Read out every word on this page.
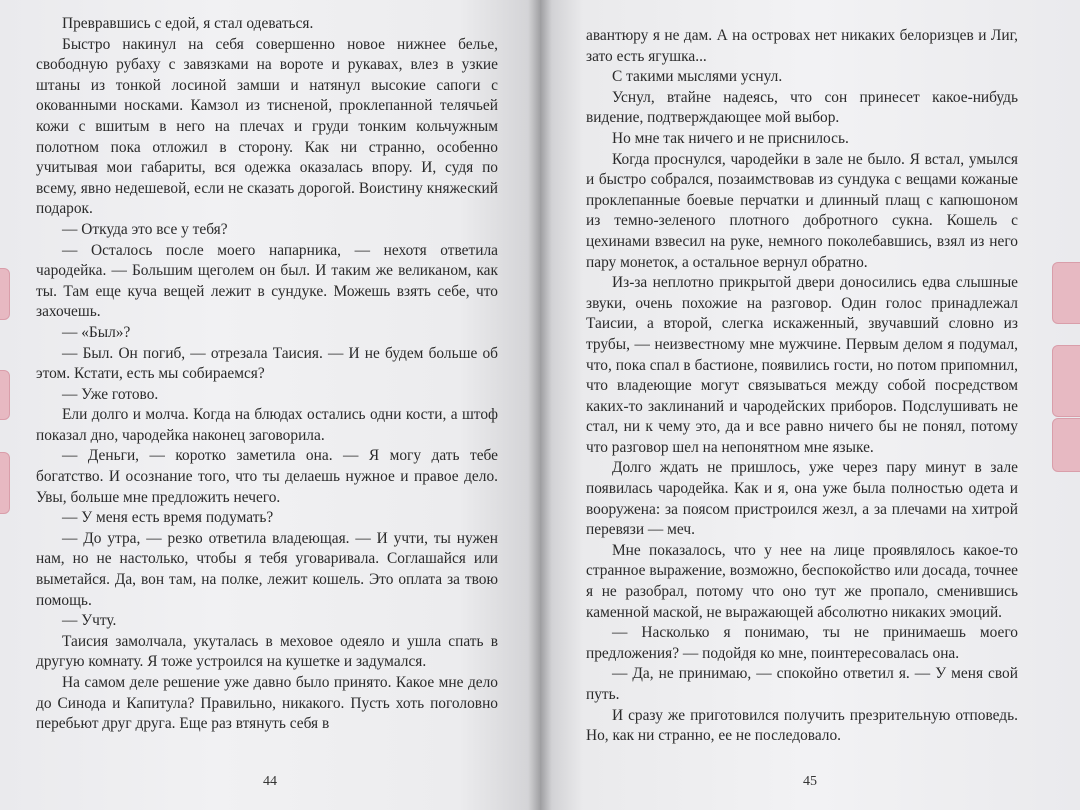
Превравшись с едой, я стал одеваться.

Быстро накинул на себя совершенно новое нижнее белье, свободную рубаху с завязками на вороте и рукавах, влез в узкие штаны из тонкой лосиной замши и натянул высокие сапоги с окованными носками. Камзол из тисненой, проклепанной телячьей кожи с вшитым в него на плечах и груди тонким кольчужным полотном пока отложил в сторону. Как ни странно, особенно учитывая мои габариты, вся одежка оказалась впору. И, судя по всему, явно недешевой, если не сказать дорогой. Воистину княжеский подарок.

— Откуда это все у тебя?

— Осталось после моего напарника, — нехотя ответила чародейка. — Большим щеголем он был. И таким же великаном, как ты. Там еще куча вещей лежит в сундуке. Можешь взять себе, что захочешь.

— «Был»?

— Был. Он погиб, — отрезала Таисия. — И не будем больше об этом. Кстати, есть мы собираемся?

— Уже готово.

Ели долго и молча. Когда на блюдах остались одни кости, а штоф показал дно, чародейка наконец заговорила.

— Деньги, — коротко заметила она. — Я могу дать тебе богатство. И осознание того, что ты делаешь нужное и правое дело. Увы, больше мне предложить нечего.

— У меня есть время подумать?

— До утра, — резко ответила владеющая. — И учти, ты нужен нам, но не настолько, чтобы я тебя уговаривала. Соглашайся или выметайся. Да, вон там, на полке, лежит кошель. Это оплата за твою помощь.

— Учту.

Таисия замолчала, укуталась в меховое одеяло и ушла спать в другую комнату. Я тоже устроился на кушетке и задумался.

На самом деле решение уже давно было принято. Какое мне дело до Синода и Капитула? Правильно, никакого. Пусть хоть поголовно перебьют друг друга. Еще раз втянуть себя в

44

авантюру я не дам. А на островах нет никаких белоризцев и Лиг, зато есть ягушка...

С такими мыслями уснул.

Уснул, втайне надеясь, что сон принесет какое-нибудь видение, подтверждающее мой выбор.

Но мне так ничего и не приснилось.

Когда проснулся, чародейки в зале не было. Я встал, умылся и быстро собрался, позаимствовав из сундука с вещами кожаные проклепанные боевые перчатки и длинный плащ с капюшоном из темно-зеленого плотного добротного сукна. Кошель с цехинами взвесил на руке, немного поколебавшись, взял из него пару монеток, а остальное вернул обратно.

Из-за неплотно прикрытой двери доносились едва слышные звуки, очень похожие на разговор. Один голос принадлежал Таисии, а второй, слегка искаженный, звучавший словно из трубы, — неизвестному мне мужчине. Первым делом я подумал, что, пока спал в бастионе, появились гости, но потом припомнил, что владеющие могут связываться между собой посредством каких-то заклинаний и чародейских приборов. Подслушивать не стал, ни к чему это, да и все равно ничего бы не понял, потому что разговор шел на непонятном мне языке.

Долго ждать не пришлось, уже через пару минут в зале появилась чародейка. Как и я, она уже была полностью одета и вооружена: за поясом пристроился жезл, а за плечами на хитрой перевязи — меч.

Мне показалось, что у нее на лице проявлялось какое-то странное выражение, возможно, беспокойство или досада, точнее я не разобрал, потому что оно тут же пропало, сменившись каменной маской, не выражающей абсолютно никаких эмоций.

— Насколько я понимаю, ты не принимаешь моего предложения? — подойдя ко мне, поинтересовалась она.

— Да, не принимаю, — спокойно ответил я. — У меня свой путь.

И сразу же приготовился получить презрительную отповедь. Но, как ни странно, ее не последовало.

45
